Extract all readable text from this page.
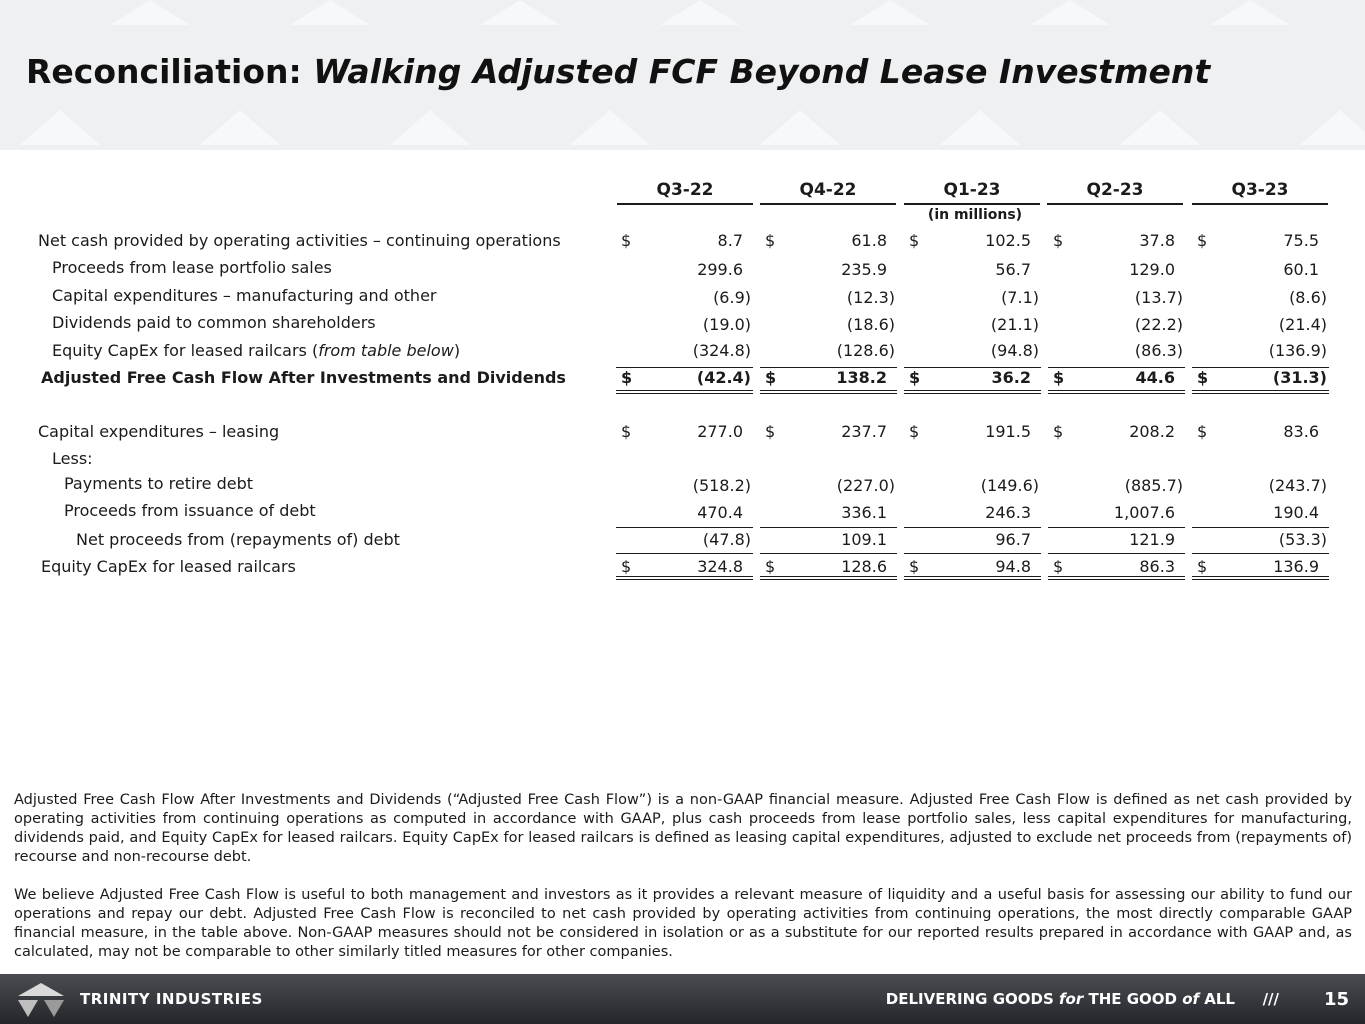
Reconciliation: Walking Adjusted FCF Beyond Lease Investment
Q3-22	Q4-22	Q1-23	Q2-23	Q3-23
(in millions)
Net cash provided by operating activities – continuing operations	$	8.7 $	61.8 $	102.5 $	37.8 $	75.5
Proceeds from lease portfolio sales	299.6	235.9	56.7	129.0	60.1
Capital expenditures – manufacturing and other	(6.9)	(12.3)	(7.1)	(13.7)	(8.6)
Dividends paid to common shareholders	(19.0)	(18.6)	(21.1)	(22.2)	(21.4)
Equity CapEx for leased railcars (from table below)	(324.8)	(128.6)	(94.8)	(86.3)	(136.9)
Adjusted Free Cash Flow After Investments and Dividends	$	(42.4) $	138.2 $	36.2 $	44.6 $	(31.3)
Capital expenditures – leasing	$	277.0 $	237.7 $	191.5 $	208.2 $	83.6
Less:
Payments to retire debt	(518.2)	(227.0)	(149.6)	(885.7)	(243.7)
Proceeds from issuance of debt	470.4	336.1	246.3	1,007.6	190.4
Net proceeds from (repayments of) debt	(47.8)	109.1	96.7	121.9	(53.3)
Equity CapEx for leased railcars	$	324.8 $	128.6 $	94.8 $	86.3 $	136.9

Adjusted Free Cash Flow After Investments and Dividends (“Adjusted Free Cash Flow”) is a non-GAAP financial measure. Adjusted Free Cash Flow is defined as net cash provided by operating activities from continuing operations as computed in accordance with GAAP, plus cash proceeds from lease portfolio sales, less capital expenditures for manufacturing, dividends paid, and Equity CapEx for leased railcars. Equity CapEx for leased railcars is defined as leasing capital expenditures, adjusted to exclude net proceeds from (repayments of) recourse and non-recourse debt.

We believe Adjusted Free Cash Flow is useful to both management and investors as it provides a relevant measure of liquidity and a useful basis for assessing our ability to fund our operations and repay our debt. Adjusted Free Cash Flow is reconciled to net cash provided by operating activities from continuing operations, the most directly comparable GAAP financial measure, in the table above. Non-GAAP measures should not be considered in isolation or as a substitute for our reported results prepared in accordance with GAAP and, as calculated, may not be comparable to other similarly titled measures for other companies.

TRINITY INDUSTRIES	DELIVERING GOODS for THE GOOD of ALL /// 15
